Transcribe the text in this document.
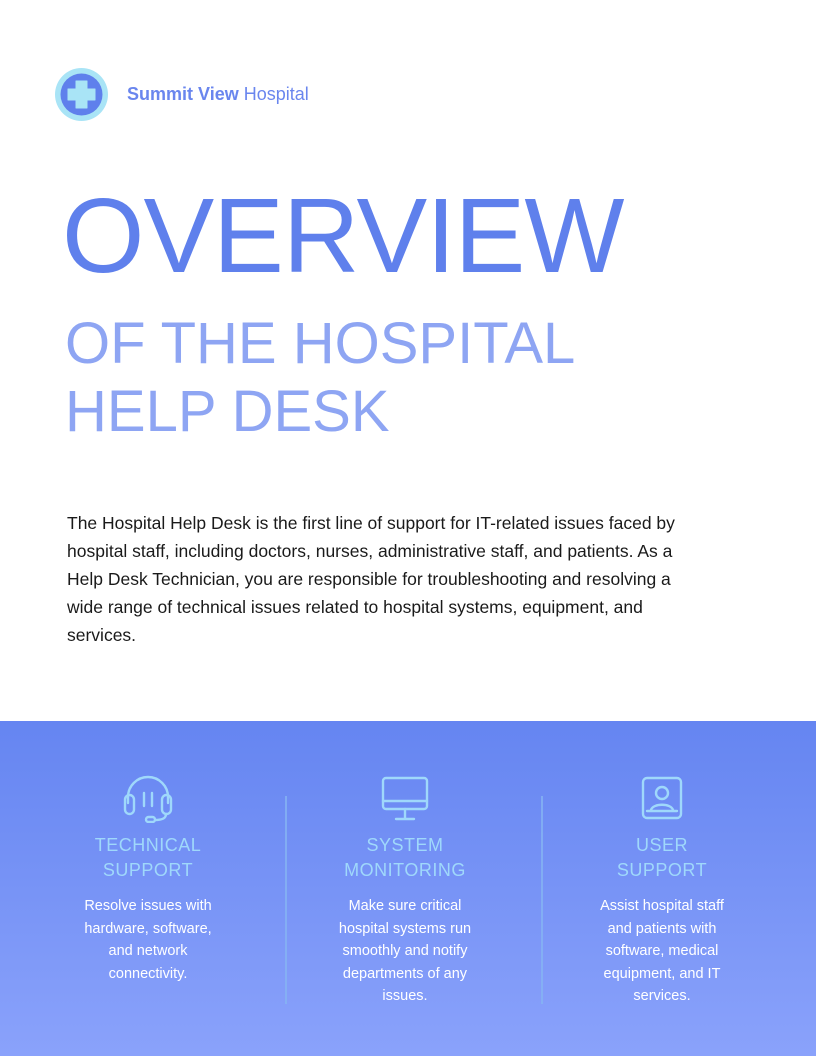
Summit View Hospital
OVERVIEW
OF THE HOSPITAL
HELP DESK

The Hospital Help Desk is the first line of support for IT-related issues faced by hospital staff, including doctors, nurses, administrative staff, and patients. As a Help Desk Technician, you are responsible for troubleshooting and resolving a wide range of technical issues related to hospital systems, equipment, and services.

TECHNICAL
SUPPORT

Resolve issues with hardware, software, and network connectivity.

SYSTEM
MONITORING

Make sure critical hospital systems run smoothly and notify departments of any issues.

USER
SUPPORT

Assist hospital staff and patients with software, medical equipment, and IT services.
